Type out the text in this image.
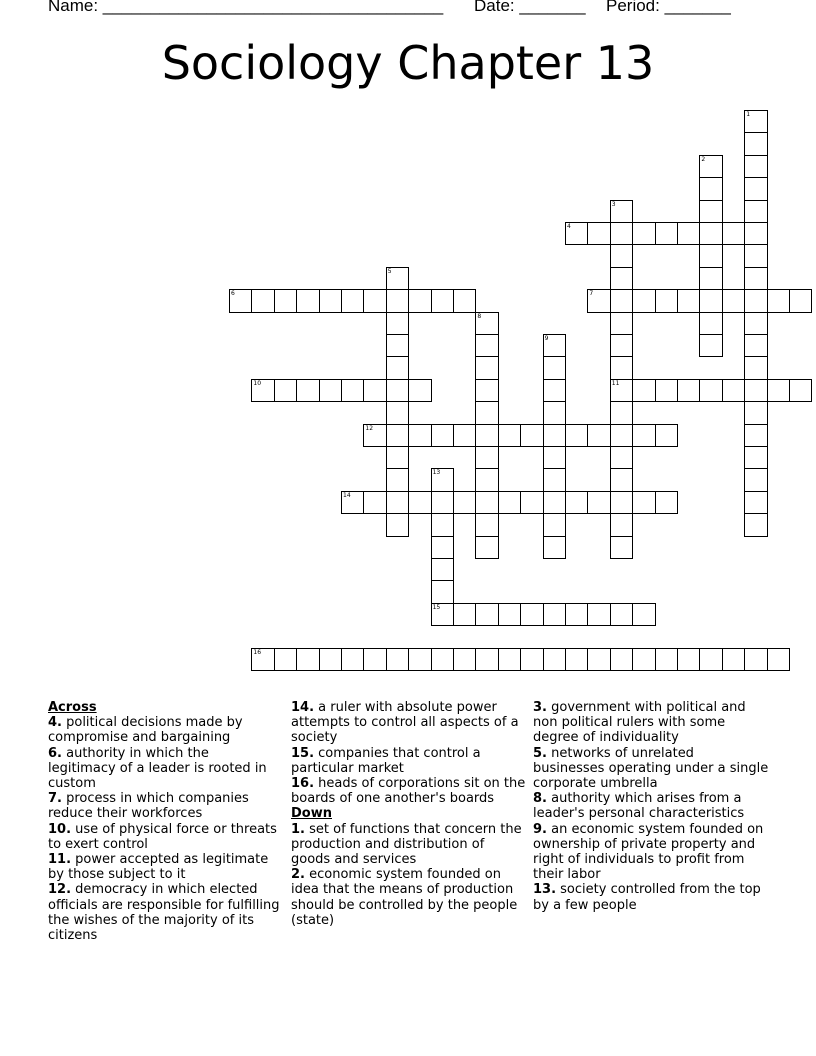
Name: ____________________________________ Date: _______ Period: _______
Sociology Chapter 13
1
2
3
11
4
5
6	7
8
9
10
12
13
15
14
16
Across
4. political decisions made by compromise and bargaining
6. authority in which the legitimacy of a leader is rooted in custom
7. process in which companies reduce their workforces
10. use of physical force or threats to exert control
11. power accepted as legitimate by those subject to it
12. democracy in which elected officials are responsible for fulfilling the wishes of the majority of its citizens
14. a ruler with absolute power attempts to control all aspects of a society
15. companies that control a particular market
16. heads of corporations sit on the boards of one another's boards
Down
1. set of functions that concern the production and distribution of goods and services
2. economic system founded on idea that the means of production should be controlled by the people (state)
3. government with political and non political rulers with some degree of individuality
5. networks of unrelated businesses operating under a single corporate umbrella
8. authority which arises from a leader's personal characteristics
9. an economic system founded on ownership of private property and right of individuals to profit from their labor
13. society controlled from the top by a few people
